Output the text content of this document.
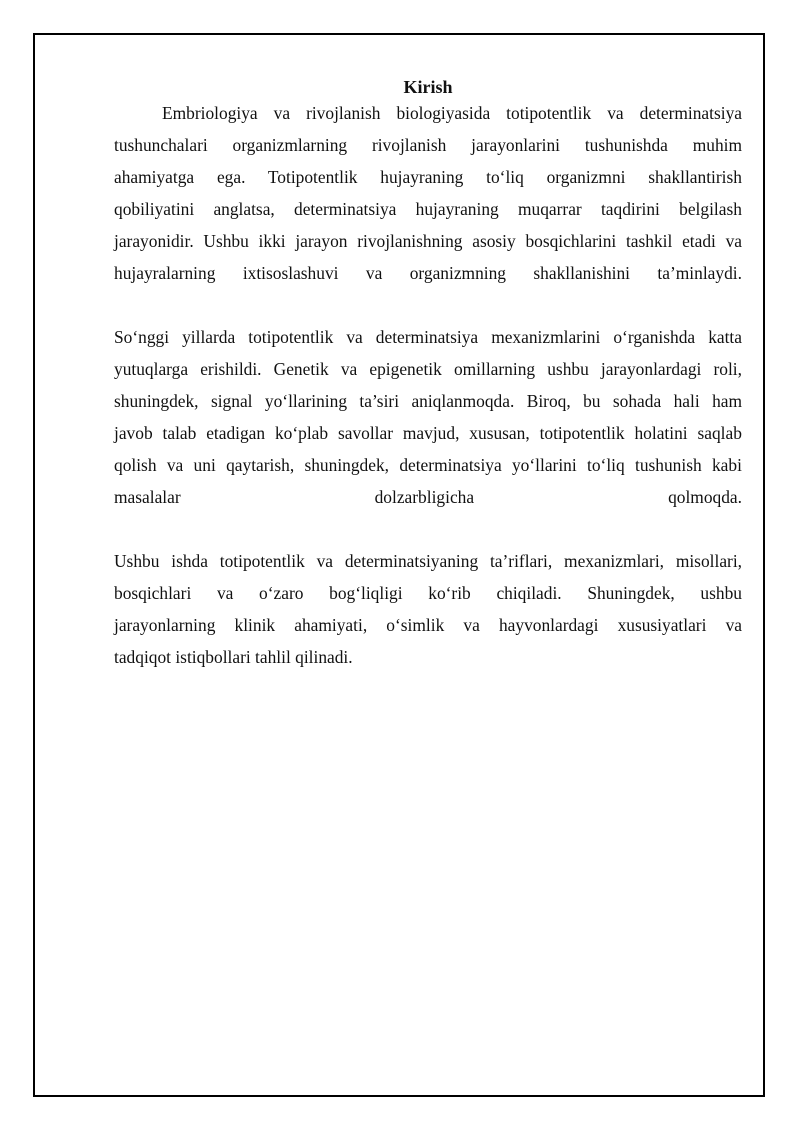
Kirish
Embriologiya va rivojlanish biologiyasida totipotentlik va determinatsiya
tushunchalari organizmlarning rivojlanish jarayonlarini tushunishda muhim
ahamiyatga ega. Totipotentlik hujayraning to‘liq organizmni shakllantirish
qobiliyatini anglatsa, determinatsiya hujayraning muqarrar taqdirini belgilash
jarayonidir. Ushbu ikki jarayon rivojlanishning asosiy bosqichlarini tashkil etadi va
hujayralarning ixtisoslashuvi va organizmning shakllanishini ta’minlaydi.
So‘nggi yillarda totipotentlik va determinatsiya mexanizmlarini o‘rganishda katta
yutuqlarga erishildi. Genetik va epigenetik omillarning ushbu jarayonlardagi roli,
shuningdek, signal yo‘llarining ta’siri aniqlanmoqda. Biroq, bu sohada hali ham
javob talab etadigan ko‘plab savollar mavjud, xususan, totipotentlik holatini saqlab
qolish va uni qaytarish, shuningdek, determinatsiya yo‘llarini to‘liq tushunish kabi
masalalar	dolzarbligicha	qolmoqda.
Ushbu ishda totipotentlik va determinatsiyaning ta’riflari, mexanizmlari, misollari,
bosqichlari va o‘zaro bog‘liqligi ko‘rib chiqiladi. Shuningdek, ushbu
jarayonlarning klinik ahamiyati, o‘simlik va hayvonlardagi xususiyatlari va
tadqiqot istiqbollari tahlil qilinadi.
